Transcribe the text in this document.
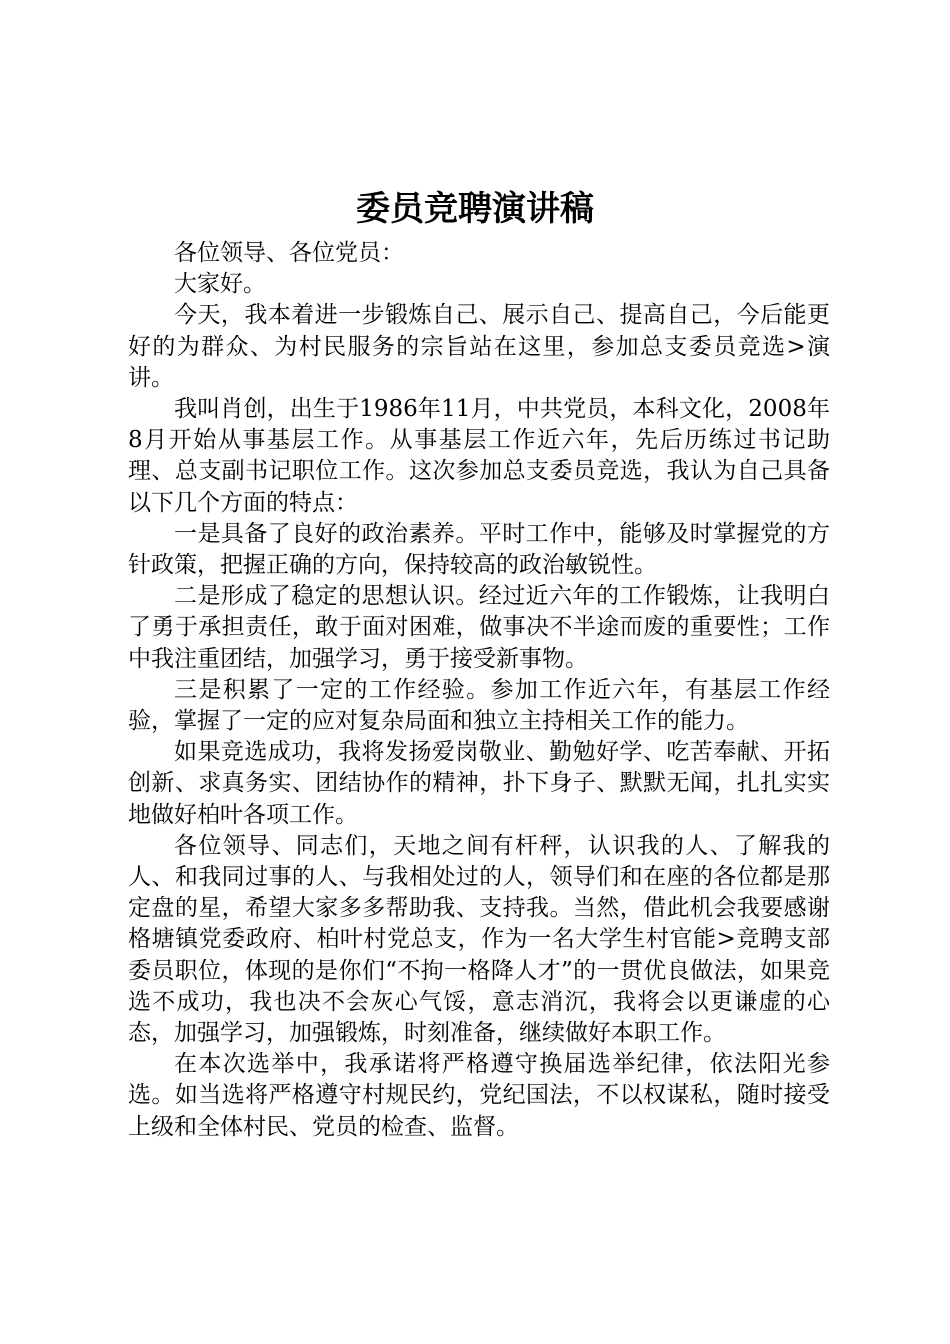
委员竞聘演讲稿

各位领导、各位党员：

大家好。

今天，我本着进一步锻炼自己、展示自己、提高自己，今后能更好的为群众、为村民服务的宗旨站在这里，参加总支委员竞选>演讲。

我叫肖创，出生于1986年11月，中共党员，本科文化，2008年8月开始从事基层工作。从事基层工作近六年，先后历练过书记助理、总支副书记职位工作。这次参加总支委员竞选，我认为自己具备以下几个方面的特点：

一是具备了良好的政治素养。平时工作中，能够及时掌握党的方针政策，把握正确的方向，保持较高的政治敏锐性。

二是形成了稳定的思想认识。经过近六年的工作锻炼，让我明白了勇于承担责任，敢于面对困难，做事决不半途而废的重要性；工作中我注重团结，加强学习，勇于接受新事物。

三是积累了一定的工作经验。参加工作近六年，有基层工作经验，掌握了一定的应对复杂局面和独立主持相关工作的能力。

如果竞选成功，我将发扬爱岗敬业、勤勉好学、吃苦奉献、开拓创新、求真务实、团结协作的精神，扑下身子、默默无闻，扎扎实实地做好柏叶各项工作。

各位领导、同志们，天地之间有杆秤，认识我的人、了解我的人、和我同过事的人、与我相处过的人，领导们和在座的各位都是那定盘的星，希望大家多多帮助我、支持我。当然，借此机会我要感谢格塘镇党委政府、柏叶村党总支，作为一名大学生村官能>竞聘支部委员职位，体现的是你们“不拘一格降人才”的一贯优良做法，如果竞选不成功，我也决不会灰心气馁，意志消沉，我将会以更谦虚的心态，加强学习，加强锻炼，时刻准备，继续做好本职工作。

在本次选举中，我承诺将严格遵守换届选举纪律，依法阳光参选。如当选将严格遵守村规民约，党纪国法，不以权谋私，随时接受上级和全体村民、党员的检查、监督。
